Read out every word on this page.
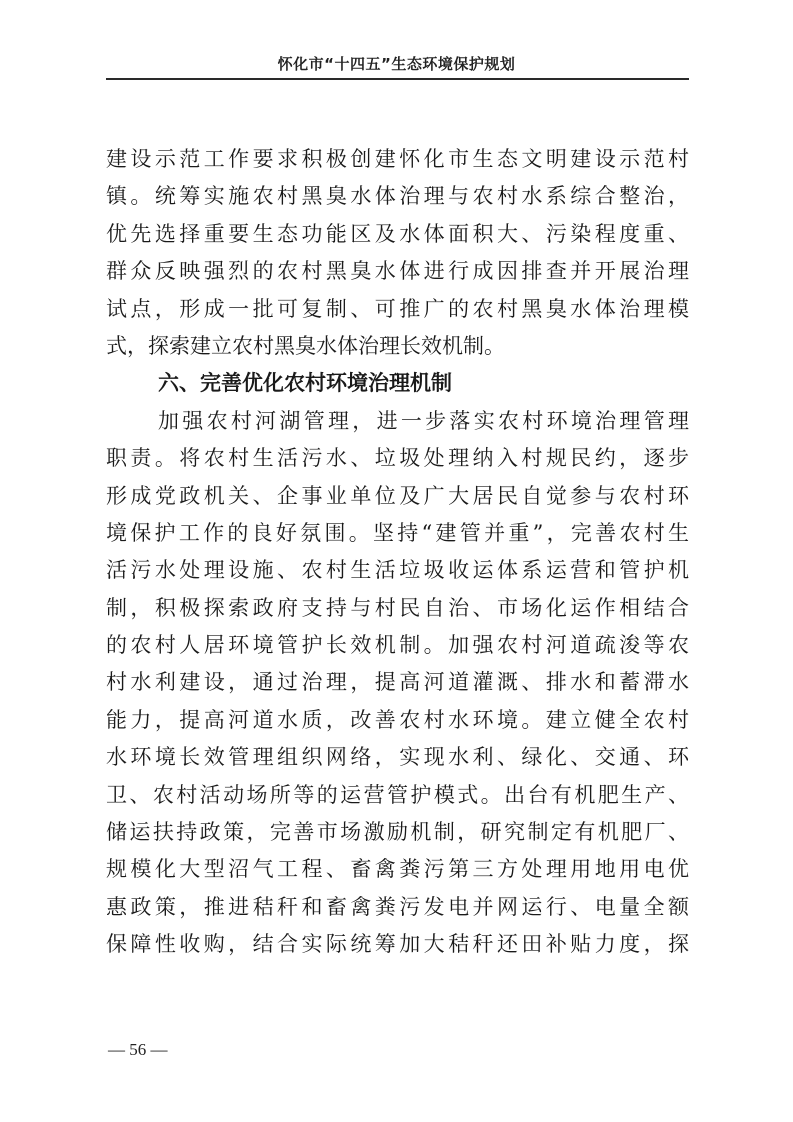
怀化市“十四五”生态环境保护规划
建设示范工作要求积极创建怀化市生态文明建设示范村
镇。统筹实施农村黑臭水体治理与农村水系综合整治，
优先选择重要生态功能区及水体面积大、污染程度重、
群众反映强烈的农村黑臭水体进行成因排查并开展治理
试点，形成一批可复制、可推广的农村黑臭水体治理模
式，探索建立农村黑臭水体治理长效机制。
六、完善优化农村环境治理机制
加强农村河湖管理，进一步落实农村环境治理管理
职责。将农村生活污水、垃圾处理纳入村规民约，逐步
形成党政机关、企事业单位及广大居民自觉参与农村环
境保护工作的良好氛围。坚持“建管并重”，完善农村生
活污水处理设施、农村生活垃圾收运体系运营和管护机
制，积极探索政府支持与村民自治、市场化运作相结合
的农村人居环境管护长效机制。加强农村河道疏浚等农
村水利建设，通过治理，提高河道灌溉、排水和蓄滞水
能力，提高河道水质，改善农村水环境。建立健全农村
水环境长效管理组织网络，实现水利、绿化、交通、环
卫、农村活动场所等的运营管护模式。出台有机肥生产、
储运扶持政策，完善市场激励机制，研究制定有机肥厂、
规模化大型沼气工程、畜禽粪污第三方处理用地用电优
惠政策，推进秸秆和畜禽粪污发电并网运行、电量全额
保障性收购，结合实际统筹加大秸秆还田补贴力度，探
— 56 —
